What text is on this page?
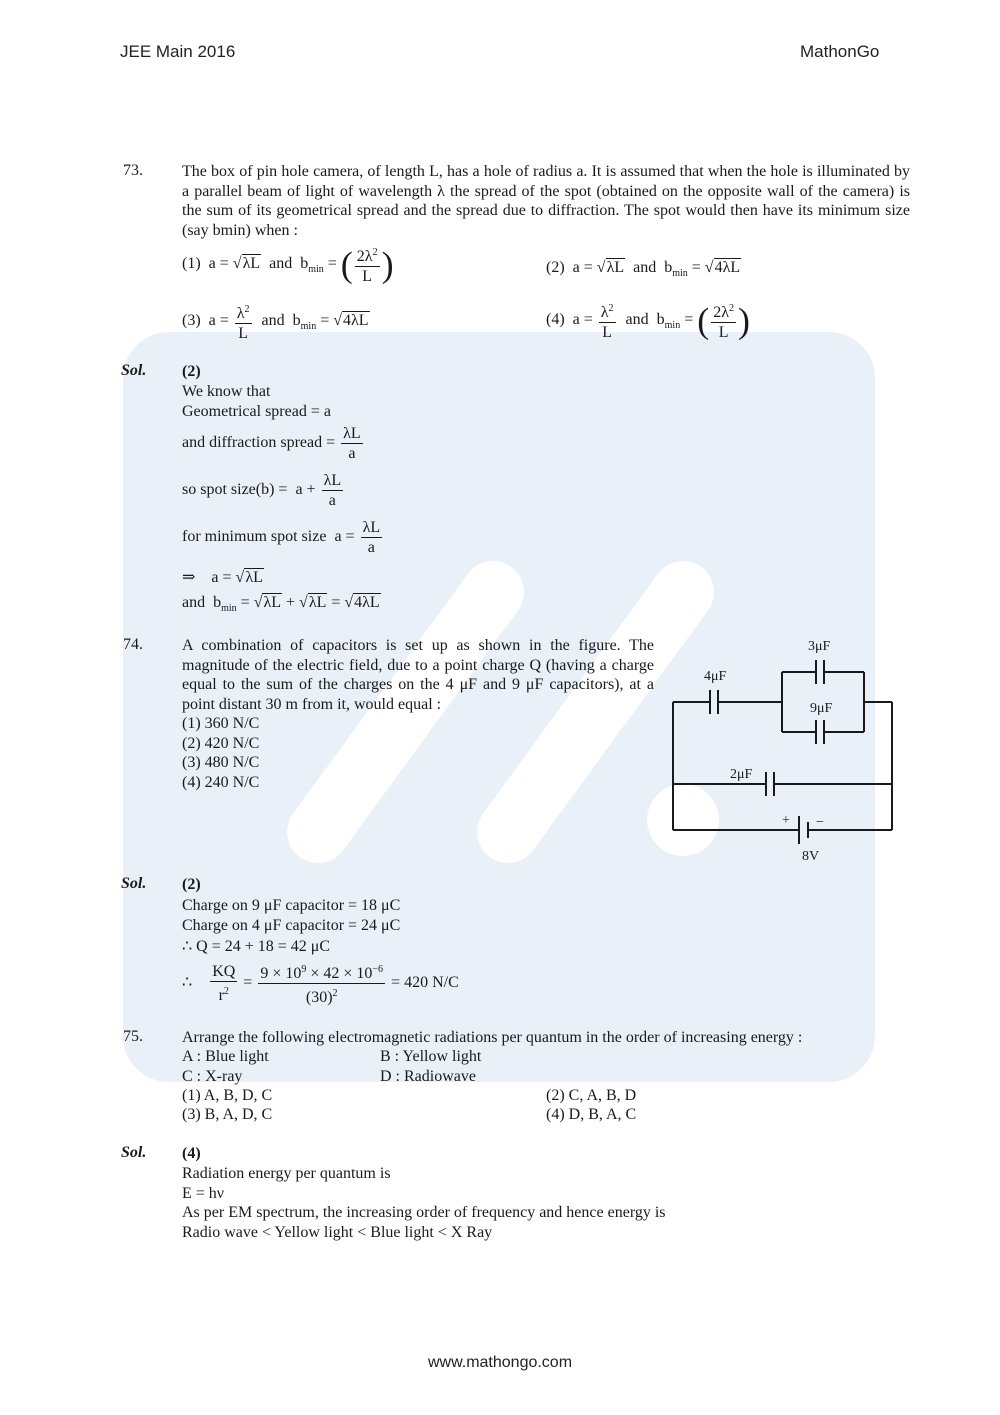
JEE Main 2016	MathonGo
73. The box of pin hole camera, of length L, has a hole of radius a. It is assumed that when the hole is illuminated by a parallel beam of light of wavelength λ the spread of the spot (obtained on the opposite wall of the camera) is the sum of its geometrical spread and the spread due to diffraction. The spot would then have its minimum size (say bmin) when :
(1)  a = √λL and  $b_{min}$ = ( $\frac{2\lambda^2}{L}$ )	(2)  a = √λL and  $b_{min} = √4\lambda L$
(3)  $a = \frac{\lambda^2}{L}$ and  $b_{min} = √4\lambda L$	(4)  $a = \frac{\lambda^2}{L}$ and  $b_{min}$ = ( $\frac{2\lambda^2}{L}$ )
Sol. (2)
We know that
Geometrical spread = a
and diffraction spread = $\frac{\lambda L}{a}$
so spot size(b) =  $a + \frac{\lambda L}{a}$
for minimum spot size  $a = \frac{\lambda L}{a}$
⇒    a = √λL
and  $b_{min} = √\lambda L + √\lambda L = √4\lambda L$
74. A combination of capacitors is set up as shown in the figure. The magnitude of the electric field, due to a point charge Q (having a charge equal to the sum of the charges on the 4 μF and 9 μF capacitors), at a point distant 30 m from it, would equal :
(1) 360 N/C
(2) 420 N/C
(3) 480 N/C
(4) 240 N/C
3μF
4μF
9μF
2μF
+ −
8V
Sol. (2)
Charge on 9 μF capacitor = 18 μC
Charge on 4 μF capacitor = 24 μC
∴ Q = 24 + 18 = 42 μC
∴ $\frac{KQ}{r^2} = \frac{9 \times 10^9 \times 42 \times 10^{-6}}{(30)^2} = 420$ N/C
75. Arrange the following electromagnetic radiations per quantum in the order of increasing energy :
A : Blue light	B : Yellow light
C : X-ray	D : Radiowave
(1) A, B, D, C	(2) C, A, B, D
(3) B, A, D, C	(4) D, B, A, C
Sol. (4)
Radiation energy per quantum is
E = hν
As per EM spectrum, the increasing order of frequency and hence energy is
Radio wave < Yellow light < Blue light < X Ray
www.mathongo.com
